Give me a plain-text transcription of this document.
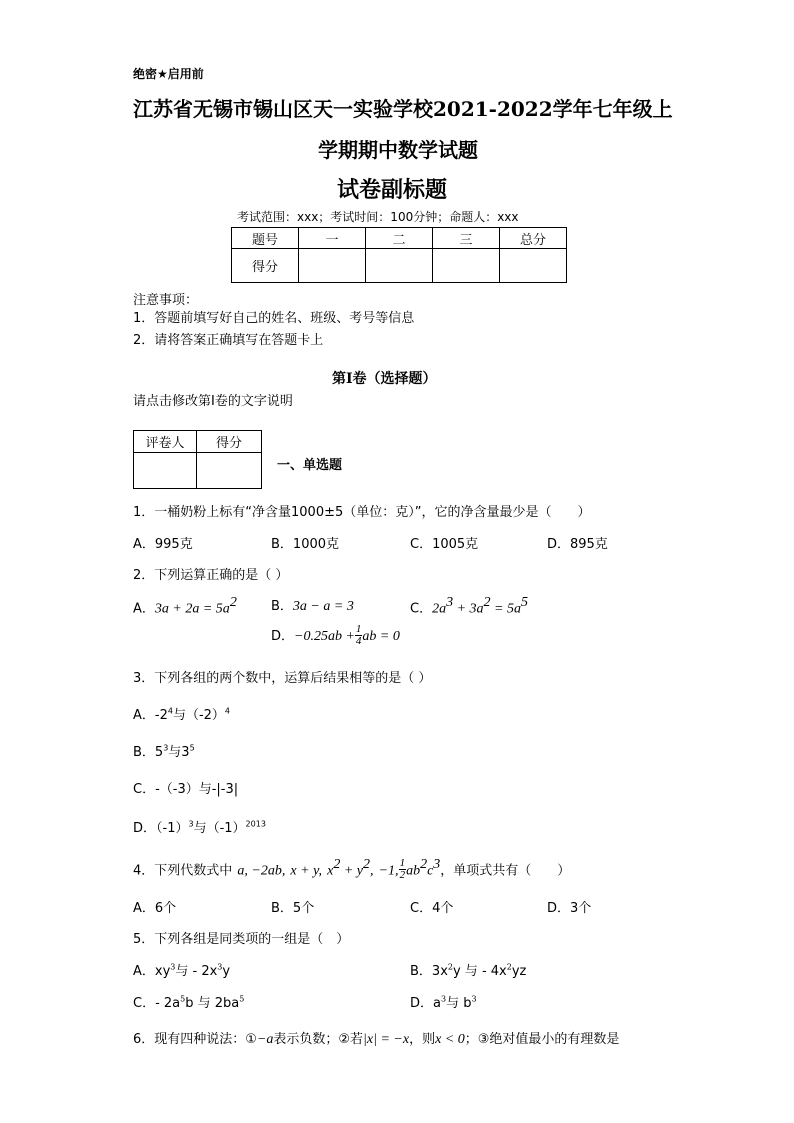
绝密★启用前
江苏省无锡市锡山区天一实验学校2021-2022学年七年级上
学期期中数学试题
试卷副标题
考试范围：xxx；考试时间：100分钟；命题人：xxx
题号	一	二	三	总分
得分				
注意事项：
1．答题前填写好自己的姓名、班级、考号等信息
2．请将答案正确填写在答题卡上
第I卷（选择题）
请点击修改第I卷的文字说明
评卷人	得分

一、单选题
1．一桶奶粉上标有“净含量1000±5（单位：克）”，它的净含量最少是（　　）
A．995克	B．1000克	C．1005克	D．895克
2．下列运算正确的是（ ）
A．$3a + 2a = 5a^2$	B．3a − a = 3	C．$2a^3 + 3a^2 = 5a^5$
D．$-0.25ab + \frac{1}{4}$ ab = 0
3．下列各组的两个数中，运算后结果相等的是（ ）
A．$-2^4$与$(-2)^4$
B．$5^3$与$3^5$
C．-（-3）与-|-3|
D．$(-1)^3$与$(-1)^{2013}$
4．下列代数式中 a, −2ab, x + y, $x^2 + y^2$, −1, $\frac{1}{2} ab^2c^3$，单项式共有（　　）
A．6个	B．5个	C．4个	D．3个
5．下列各组是同类项的一组是（　）
A．$xy^3$与 - $2x^3y$	B．$3x^2y$ 与 - $4x^2yz$
C．- $2a^5b$ 与 $2ba^5$	D．$a^3$与 $b^3$
6．现有四种说法：①−a表示负数；②若|x| = −x，则x < 0；③绝对值最小的有理数是
